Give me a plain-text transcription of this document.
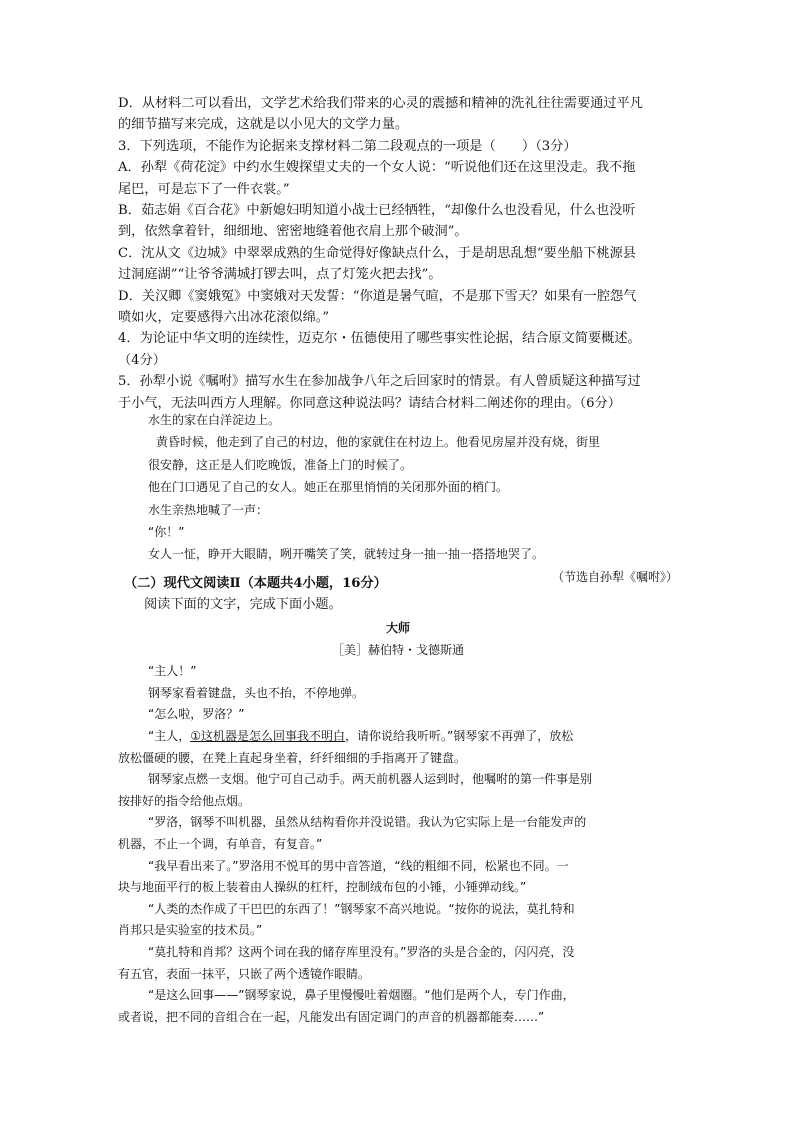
D．从材料二可以看出，文学艺术给我们带来的心灵的震撼和精神的洗礼往往需要通过平凡

的细节描写来完成，这就是以小见大的文学力量。

3．下列选项，不能作为论据来支撑材料二第二段观点的一项是（　　）（3分）

A．孙犁《荷花淀》中约水生嫂探望丈夫的一个女人说：“听说他们还在这里没走。我不拖

尾巴，可是忘下了一件衣裳。”

B．茹志娟《百合花》中新媳妇明知道小战士已经牺牲，“却像什么也没看见，什么也没听

到，依然拿着针，细细地、密密地缝着他衣肩上那个破洞”。

C．沈从文《边城》中翠翠成熟的生命觉得好像缺点什么，于是胡思乱想“要坐船下桃源县

过洞庭湖”“让爷爷满城打锣去叫，点了灯笼火把去找”。

D．关汉卿《窦娥冤》中窦娥对天发誓：“你道是暑气暄，不是那下雪天？如果有一腔怨气

喷如火，定要感得六出冰花滚似绵。”

4．为论证中华文明的连续性，迈克尔・伍德使用了哪些事实性论据，结合原文简要概述。

（4分）

5．孙犁小说《嘱咐》描写水生在参加战争八年之后回家时的情景。有人曾质疑这种描写过

于小气，无法叫西方人理解。你同意这种说法吗？请结合材料二阐述你的理由。（6分）

水生的家在白洋淀边上。

黄昏时候，他走到了自己的村边，他的家就住在村边上。他看见房屋并没有烧，街里

很安静，这正是人们吃晚饭，准备上门的时候了。

他在门口遇见了自己的女人。她正在那里悄悄的关闭那外面的梢门。

水生亲热地喊了一声：

“你！”

女人一怔，睁开大眼睛，咧开嘴笑了笑，就转过身一抽一抽一搭搭地哭了。

（节选自孙犁《嘱咐》）

（二）现代文阅读Ⅱ（本题共4小题，16分）

阅读下面的文字，完成下面小题。

大师

［美］赫伯特・戈德斯通

“主人！”

钢琴家看着键盘，头也不抬，不停地弹。

“怎么啦，罗洛？”

“主人，①这机器是怎么回事我不明白，请你说给我听听。”钢琴家不再弹了，放松

放松僵硬的腰，在凳上直起身坐着，纤纤细细的手指离开了键盘。

钢琴家点燃一支烟。他宁可自己动手。两天前机器人运到时，他嘱咐的第一件事是别

按排好的指令给他点烟。

“罗洛，钢琴不叫机器，虽然从结构看你并没说错。我认为它实际上是一台能发声的

机器，不止一个调，有单音，有复音。”

“我早看出来了。”罗洛用不悦耳的男中音答道，“线的粗细不同，松紧也不同。一

块与地面平行的板上装着由人操纵的杠杆，控制绒布包的小锤，小锤弹动线。”

“人类的杰作成了干巴巴的东西了！”钢琴家不高兴地说。“按你的说法，莫扎特和

肖邦只是实验室的技术员。”

“莫扎特和肖邦？这两个词在我的储存库里没有。”罗洛的头是合金的，闪闪亮，没

有五官，表面一抹平，只嵌了两个透镜作眼睛。

“是这么回事——”钢琴家说，鼻子里慢慢吐着烟圈。“他们是两个人，专门作曲，

或者说，把不同的音组合在一起，凡能发出有固定调门的声音的机器都能奏……”
